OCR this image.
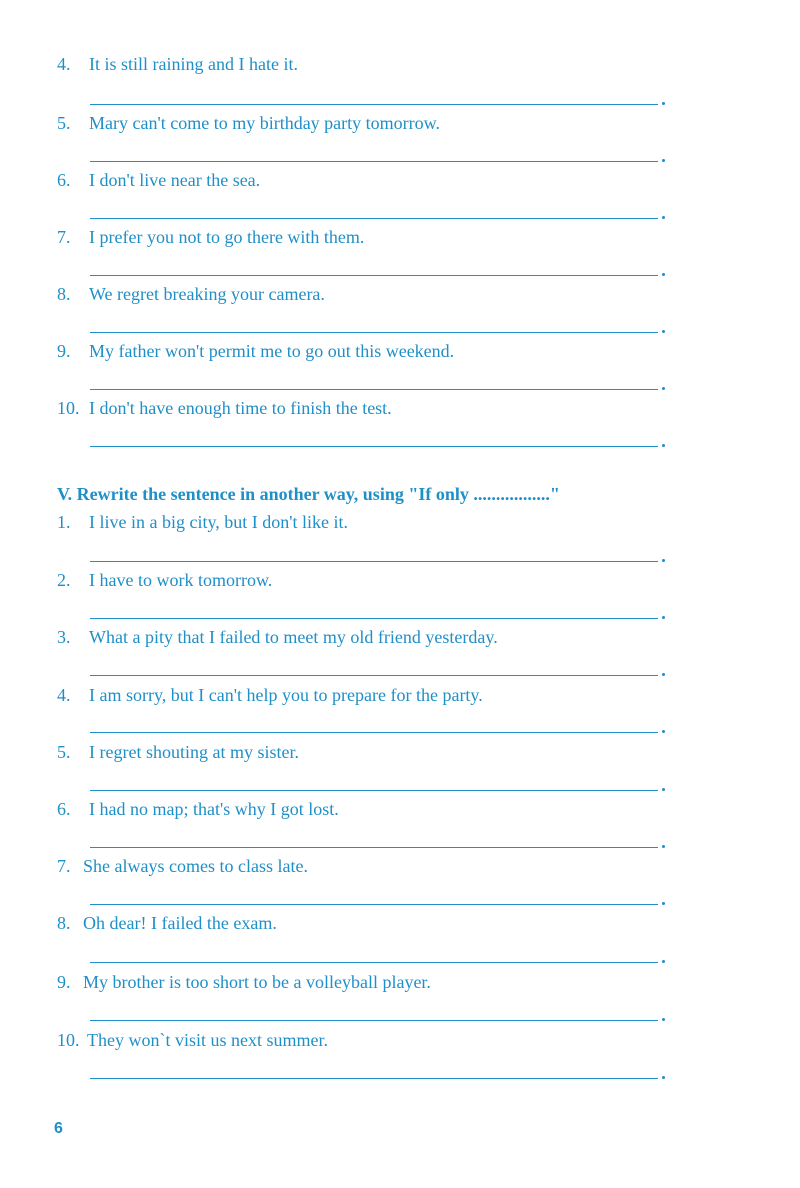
4. It is still raining and I hate it.
5. Mary can't come to my birthday party tomorrow.
6. I don't live near the sea.
7. I prefer you not to go there with them.
8. We regret breaking your camera.
9. My father won't permit me to go out this weekend.
10. I don't have enough time to finish the test.
V. Rewrite the sentence in another way, using "If only ................."
1. I live in a big city, but I don't like it.
2. I have to work tomorrow.
3. What a pity that I failed to meet my old friend yesterday.
4. I am sorry, but I can't help you to prepare for the party.
5. I regret shouting at my sister.
6. I had no map; that's why I got lost.
7. She always comes to class late.
8. Oh dear! I failed the exam.
9. My brother is too short to be a volleyball player.
10. They won`t visit us next summer.
6
